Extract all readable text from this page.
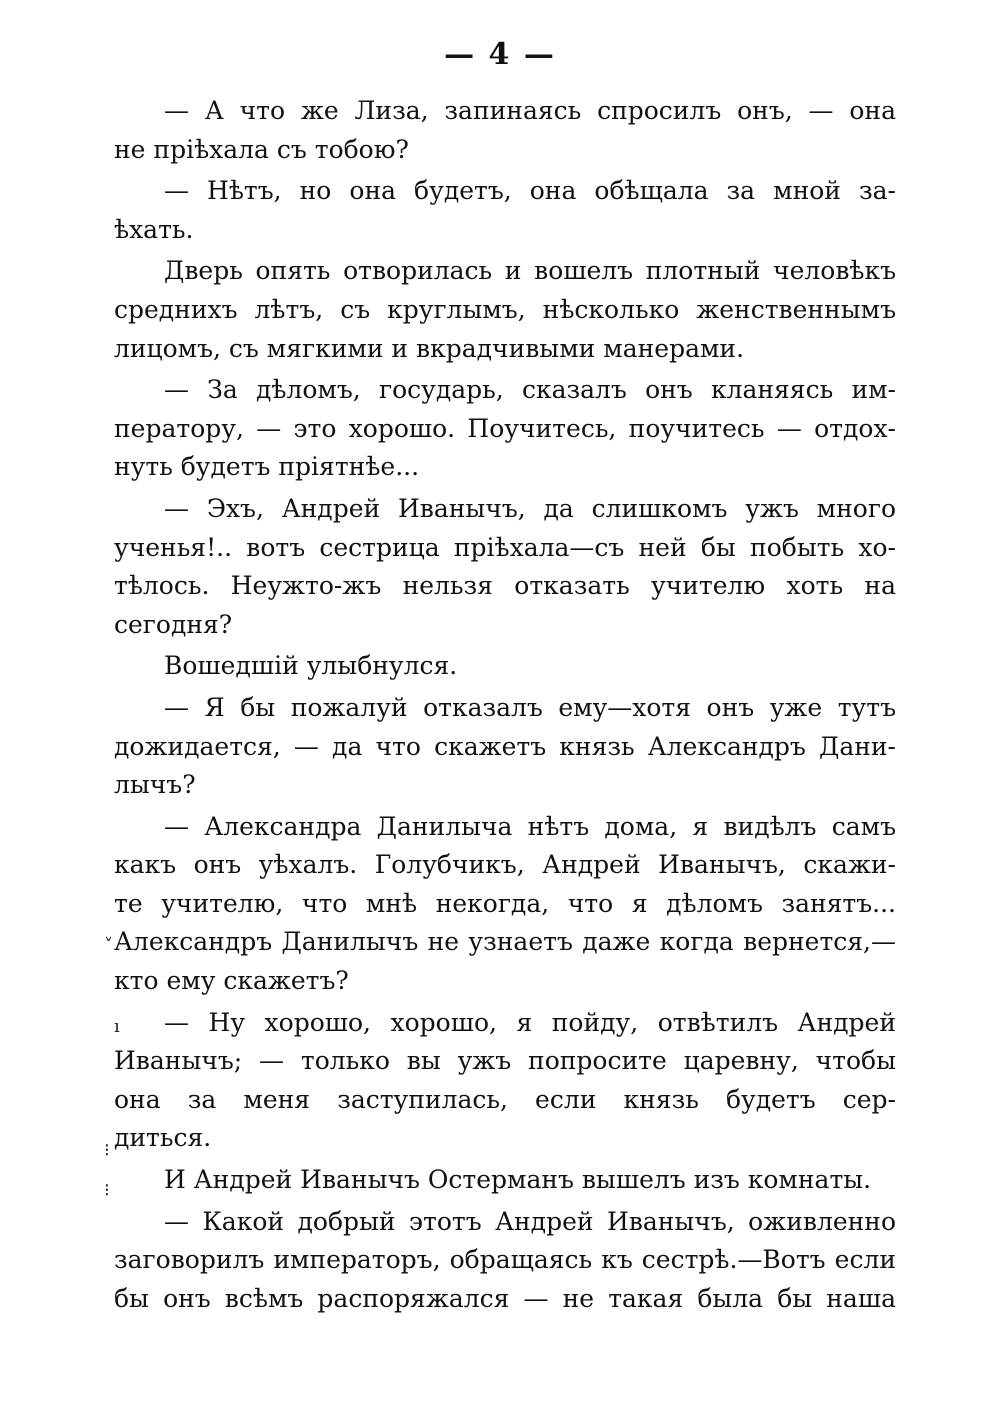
— 4 —
— А что же Лиза, запинаясь спросилъ онъ, — она
не пріѣхала съ тобою?
— Нѣтъ, но она будетъ, она обѣщала за мной за-
ѣхать.
Дверь опять отворилась и вошелъ плотный человѣкъ
среднихъ лѣтъ, съ круглымъ, нѣсколько женственнымъ
лицомъ, съ мягкими и вкрадчивыми манерами.
— За дѣломъ, государь, сказалъ онъ кланяясь им-
ператору, — это хорошо. Поучитесь, поучитесь — отдох-
нуть будетъ пріятнѣе...
— Эхъ, Андрей Иванычъ, да слишкомъ ужъ много
ученья!.. вотъ сестрица пріѣхала—съ ней бы побыть хо-
тѣлось. Неужто-жъ нельзя отказать учителю хоть на
сегодня?
Вошедшій улыбнулся.
— Я бы пожалуй отказалъ ему—хотя онъ уже тутъ
дожидается, — да что скажетъ князь Александръ Дани-
лычъ?
— Александра Данилыча нѣтъ дома, я видѣлъ самъ
какъ онъ уѣхалъ. Голубчикъ, Андрей Иванычъ, скажи-
те учителю, что мнѣ некогда, что я дѣломъ занятъ...
Александръ Данилычъ не узнаетъ даже когда вернется,—
кто ему скажетъ?
— Ну хорошо, хорошо, я пойду, отвѣтилъ Андрей
Иванычъ; — только вы ужъ попросите царевну, чтобы
она за меня заступилась, если князь будетъ сер-
диться.
И Андрей Иванычъ Остерманъ вышелъ изъ комнаты.
— Какой добрый этотъ Андрей Иванычъ, оживленно
заговорилъ императоръ, обращаясь къ сестрѣ.—Вотъ если
бы онъ всѣмъ распоряжался — не такая была бы наша
˅
ı
⁝
⁝
